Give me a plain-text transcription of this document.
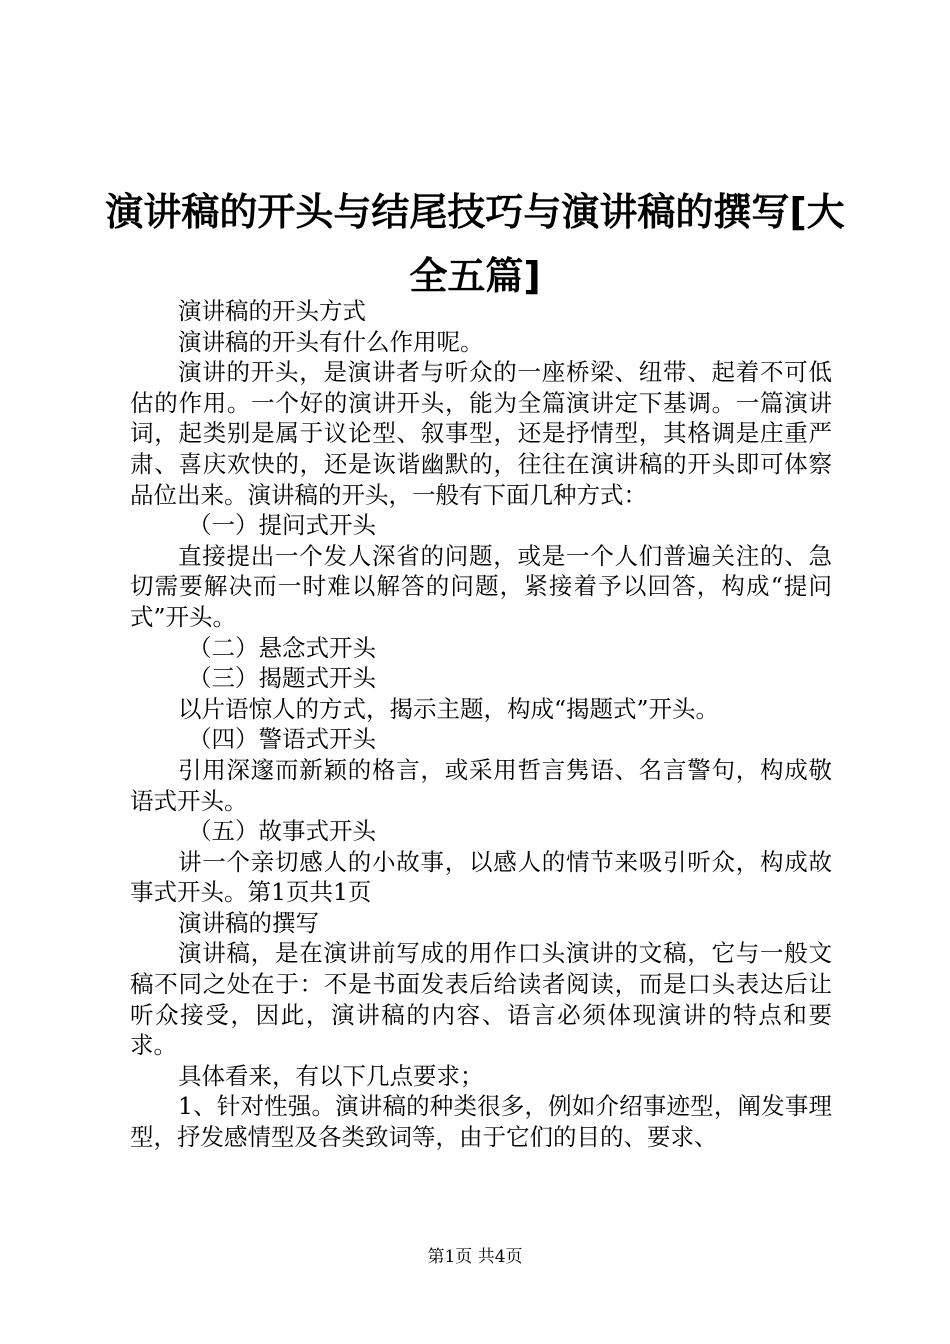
演讲稿的开头与结尾技巧与演讲稿的撰写[大全五篇]

演讲稿的开头方式

演讲稿的开头有什么作用呢。

演讲的开头，是演讲者与听众的一座桥梁、纽带、起着不可低估的作用。一个好的演讲开头，能为全篇演讲定下基调。一篇演讲词，起类别是属于议论型、叙事型，还是抒情型，其格调是庄重严肃、喜庆欢快的，还是诙谐幽默的，往往在演讲稿的开头即可体察品位出来。演讲稿的开头，一般有下面几种方式：

（一）提问式开头

直接提出一个发人深省的问题，或是一个人们普遍关注的、急切需要解决而一时难以解答的问题，紧接着予以回答，构成“提问式”开头。

（二）悬念式开头

（三）揭题式开头

以片语惊人的方式，揭示主题，构成“揭题式”开头。

（四）警语式开头

引用深邃而新颖的格言，或采用哲言隽语、名言警句，构成敬语式开头。

（五）故事式开头

讲一个亲切感人的小故事，以感人的情节来吸引听众，构成故事式开头。第1页共1页

演讲稿的撰写

演讲稿，是在演讲前写成的用作口头演讲的文稿，它与一般文稿不同之处在于：不是书面发表后给读者阅读，而是口头表达后让听众接受，因此，演讲稿的内容、语言必须体现演讲的特点和要求。

具体看来，有以下几点要求；

1、针对性强。演讲稿的种类很多，例如介绍事迹型，阐发事理型，抒发感情型及各类致词等，由于它们的目的、要求、

第1页 共4页
